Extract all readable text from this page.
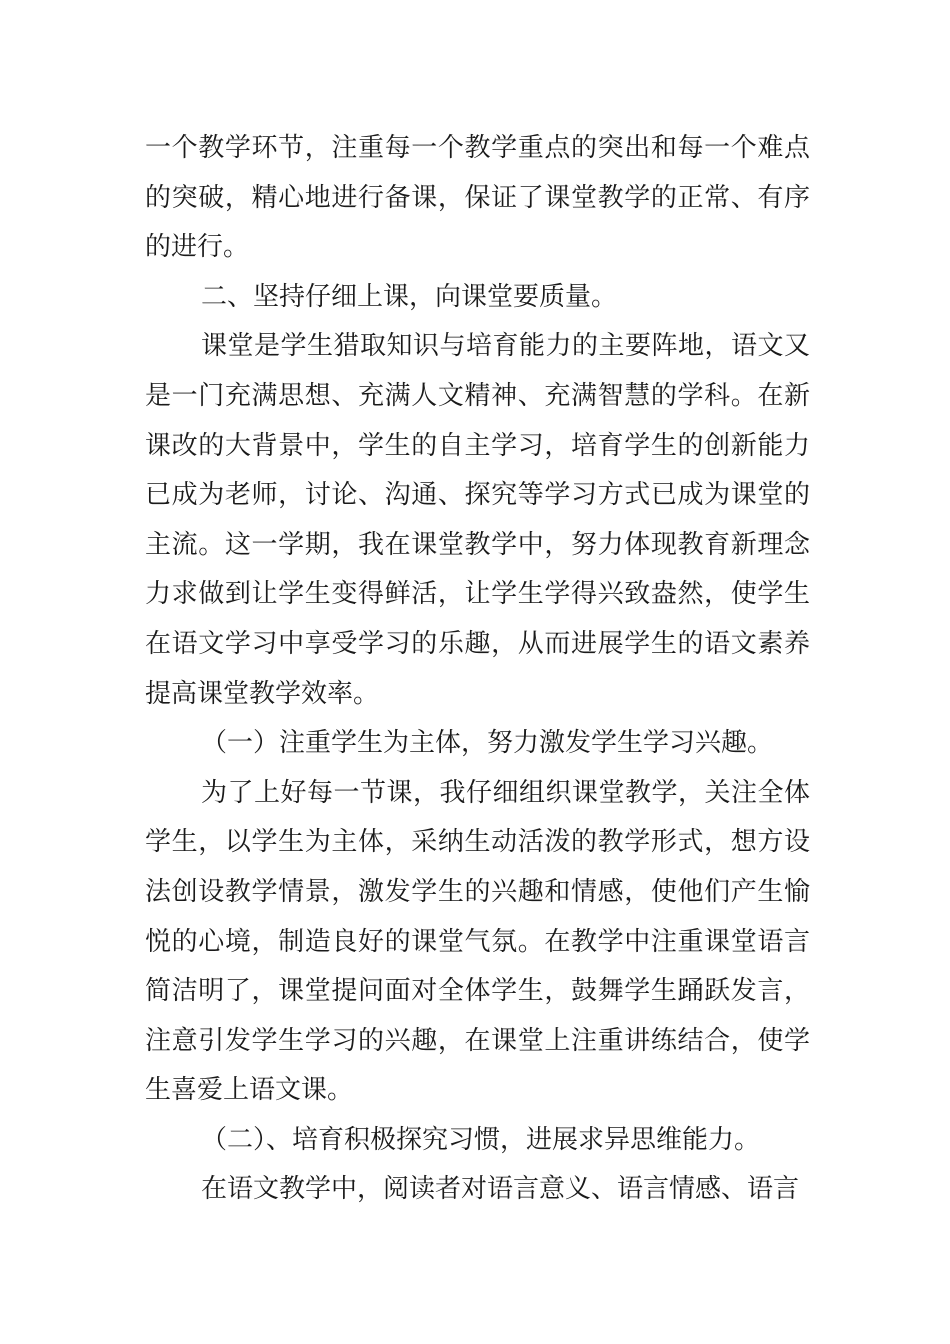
一个教学环节，注重每一个教学重点的突出和每一个难点的突破，精心地进行备课，保证了课堂教学的正常、有序的进行。

二、坚持仔细上课，向课堂要质量。

课堂是学生猎取知识与培育能力的主要阵地，语文又是一门充满思想、充满人文精神、充满智慧的学科。在新课改的大背景中，学生的自主学习，培育学生的创新能力已成为老师，讨论、沟通、探究等学习方式已成为课堂的主流。这一学期，我在课堂教学中，努力体现教育新理念力求做到让学生变得鲜活，让学生学得兴致盎然，使学生在语文学习中享受学习的乐趣，从而进展学生的语文素养提高课堂教学效率。

（一）注重学生为主体，努力激发学生学习兴趣。

为了上好每一节课，我仔细组织课堂教学，关注全体学生，以学生为主体，采纳生动活泼的教学形式，想方设法创设教学情景，激发学生的兴趣和情感，使他们产生愉悦的心境，制造良好的课堂气氛。在教学中注重课堂语言简洁明了，课堂提问面对全体学生，鼓舞学生踊跃发言，注意引发学生学习的兴趣，在课堂上注重讲练结合，使学生喜爱上语文课。

（二）、培育积极探究习惯，进展求异思维能力。

在语文教学中，阅读者对语言意义、语言情感、语言
